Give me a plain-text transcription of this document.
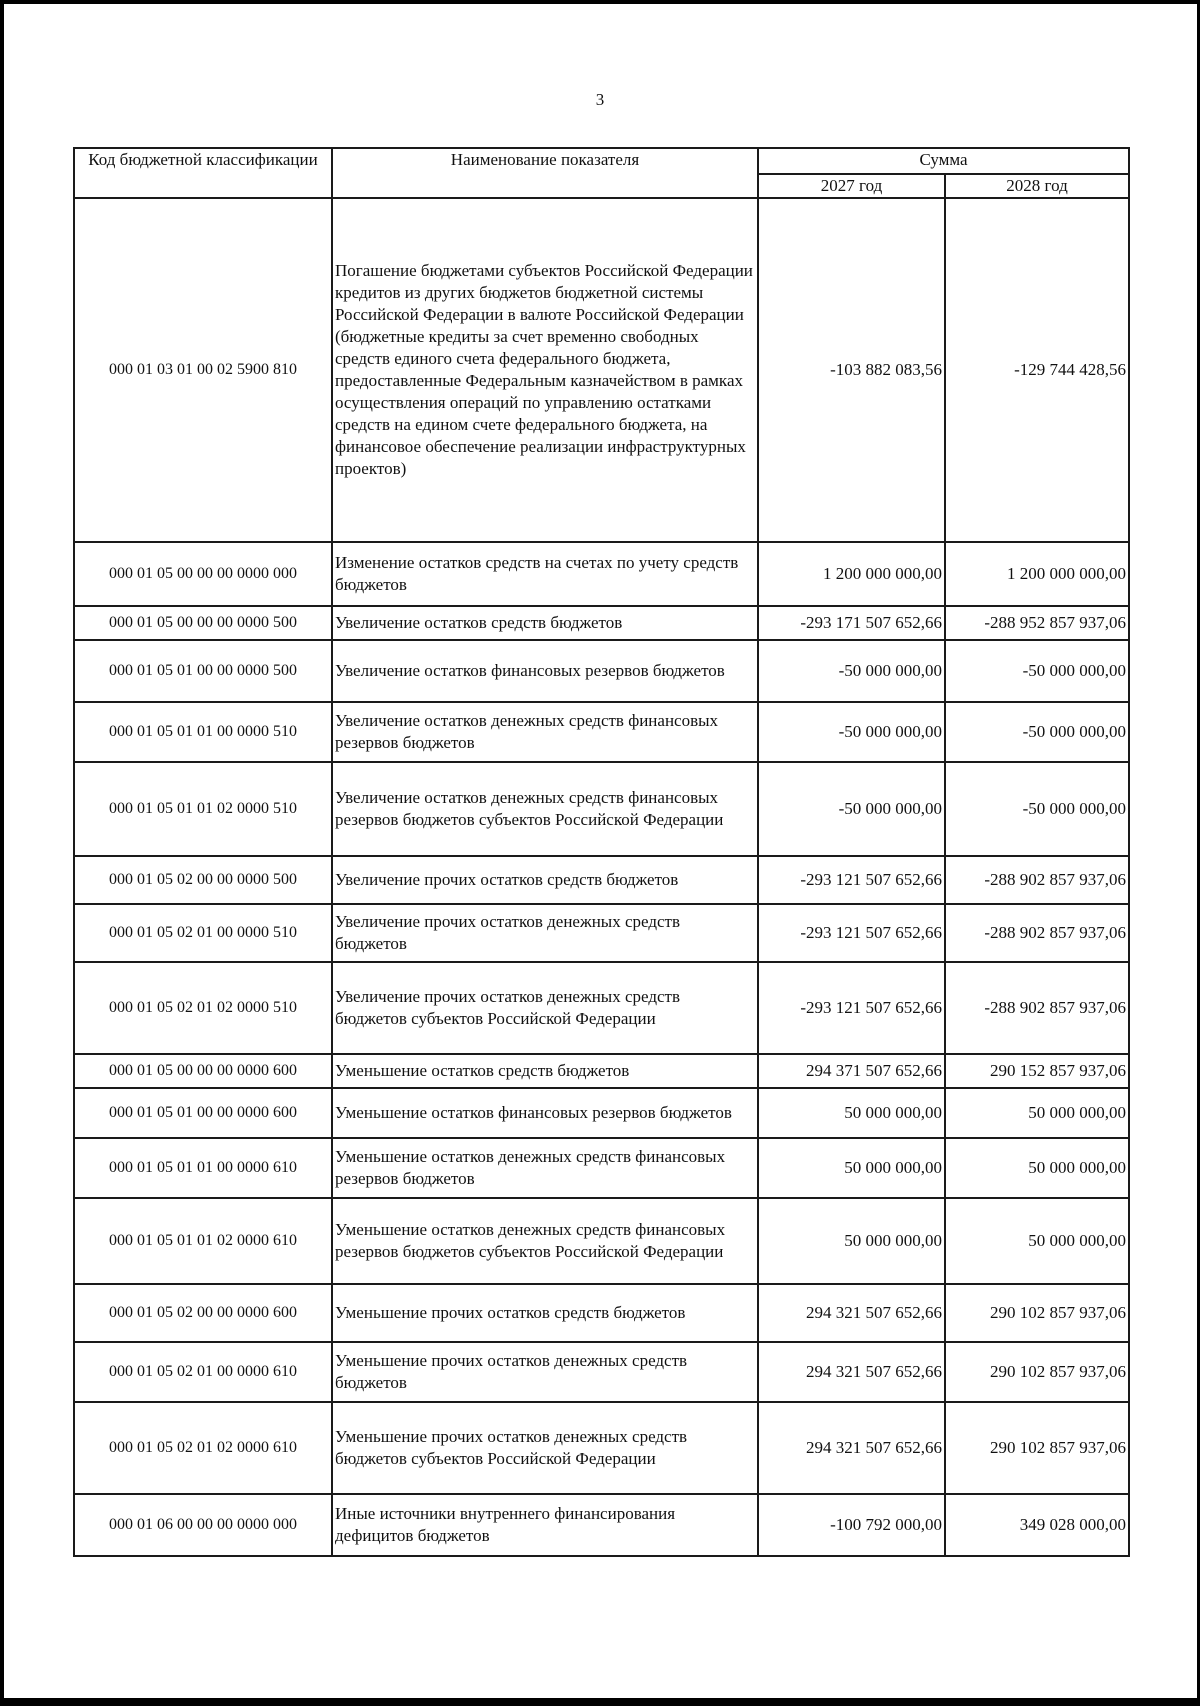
3
Код бюджетной классификации	Наименование показателя	Сумма	
		2027 год	2028 год
000 01 03 01 00 02 5900 810	Погашение бюджетами субъектов Российской Федерации кредитов из других бюджетов бюджетной системы Российской Федерации в валюте Российской Федерации (бюджетные кредиты за счет временно свободных средств единого счета федерального бюджета, предоставленные Федеральным казначейством в рамках осуществления операций по управлению остатками средств на едином счете федерального бюджета, на финансовое обеспечение реализации инфраструктурных проектов)	-103 882 083,56	-129 744 428,56
000 01 05 00 00 00 0000 000	Изменение остатков средств на счетах по учету средств бюджетов	1 200 000 000,00	1 200 000 000,00
000 01 05 00 00 00 0000 500	Увеличение остатков средств бюджетов	-293 171 507 652,66	-288 952 857 937,06
000 01 05 01 00 00 0000 500	Увеличение остатков финансовых резервов бюджетов	-50 000 000,00	-50 000 000,00
000 01 05 01 01 00 0000 510	Увеличение остатков денежных средств финансовых резервов бюджетов	-50 000 000,00	-50 000 000,00
000 01 05 01 01 02 0000 510	Увеличение остатков денежных средств финансовых резервов бюджетов субъектов Российской Федерации	-50 000 000,00	-50 000 000,00
000 01 05 02 00 00 0000 500	Увеличение прочих остатков средств бюджетов	-293 121 507 652,66	-288 902 857 937,06
000 01 05 02 01 00 0000 510	Увеличение прочих остатков денежных средств бюджетов	-293 121 507 652,66	-288 902 857 937,06
000 01 05 02 01 02 0000 510	Увеличение прочих остатков денежных средств бюджетов субъектов Российской Федерации	-293 121 507 652,66	-288 902 857 937,06
000 01 05 00 00 00 0000 600	Уменьшение остатков средств бюджетов	294 371 507 652,66	290 152 857 937,06
000 01 05 01 00 00 0000 600	Уменьшение остатков финансовых резервов бюджетов	50 000 000,00	50 000 000,00
000 01 05 01 01 00 0000 610	Уменьшение остатков денежных средств финансовых резервов бюджетов	50 000 000,00	50 000 000,00
000 01 05 01 01 02 0000 610	Уменьшение остатков денежных средств финансовых резервов бюджетов субъектов Российской Федерации	50 000 000,00	50 000 000,00
000 01 05 02 00 00 0000 600	Уменьшение прочих остатков средств бюджетов	294 321 507 652,66	290 102 857 937,06
000 01 05 02 01 00 0000 610	Уменьшение прочих остатков денежных средств бюджетов	294 321 507 652,66	290 102 857 937,06
000 01 05 02 01 02 0000 610	Уменьшение прочих остатков денежных средств бюджетов субъектов Российской Федерации	294 321 507 652,66	290 102 857 937,06
000 01 06 00 00 00 0000 000	Иные источники внутреннего финансирования дефицитов бюджетов	-100 792 000,00	349 028 000,00
